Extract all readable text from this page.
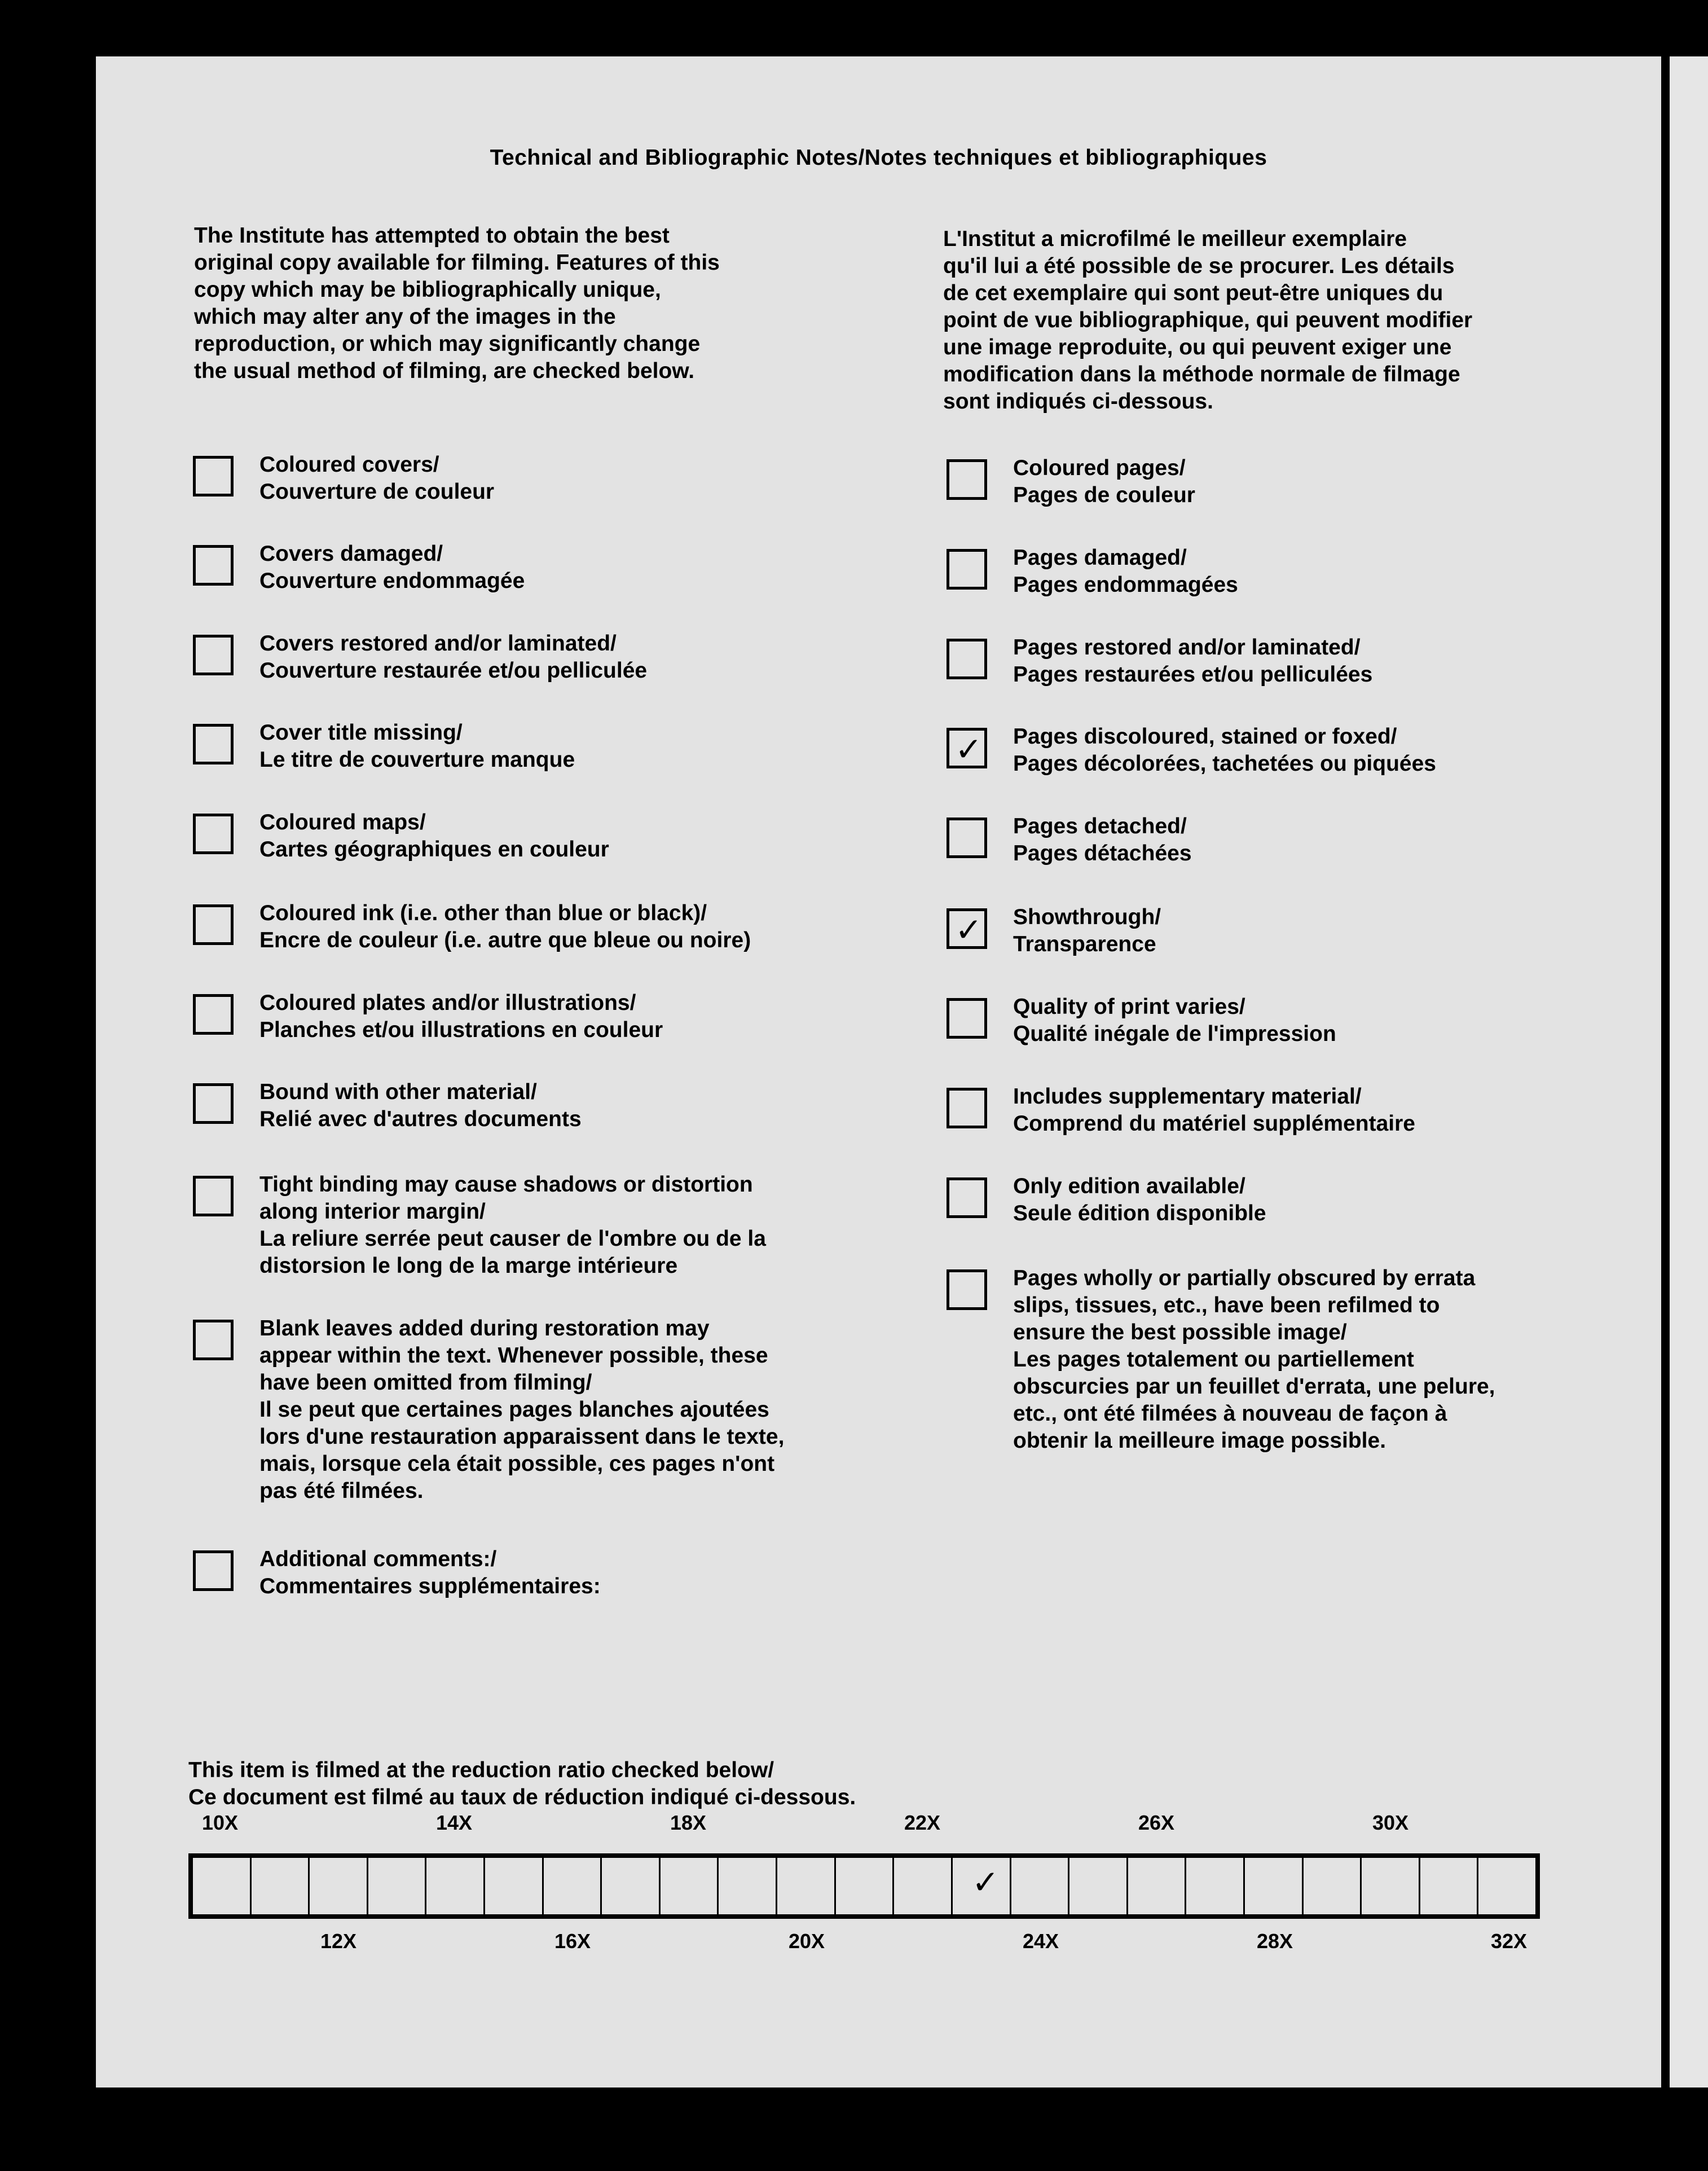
Technical and Bibliographic Notes/Notes techniques et bibliographiques
The Institute has attempted to obtain the best
original copy available for filming. Features of this
copy which may be bibliographically unique,
which may alter any of the images in the
reproduction, or which may significantly change
the usual method of filming, are checked below.
L'Institut a microfilmé le meilleur exemplaire
qu'il lui a été possible de se procurer. Les détails
de cet exemplaire qui sont peut-être uniques du
point de vue bibliographique, qui peuvent modifier
une image reproduite, ou qui peuvent exiger une
modification dans la méthode normale de filmage
sont indiqués ci-dessous.
Coloured covers/
Couverture de couleur
Covers damaged/
Couverture endommagée
Covers restored and/or laminated/
Couverture restaurée et/ou pelliculée
Cover title missing/
Le titre de couverture manque
Coloured maps/
Cartes géographiques en couleur
Coloured ink (i.e. other than blue or black)/
Encre de couleur (i.e. autre que bleue ou noire)
Coloured plates and/or illustrations/
Planches et/ou illustrations en couleur
Bound with other material/
Relié avec d'autres documents
Tight binding may cause shadows or distortion
along interior margin/
La reliure serrée peut causer de l'ombre ou de la
distorsion le long de la marge intérieure
Blank leaves added during restoration may
appear within the text. Whenever possible, these
have been omitted from filming/
Il se peut que certaines pages blanches ajoutées
lors d'une restauration apparaissent dans le texte,
mais, lorsque cela était possible, ces pages n'ont
pas été filmées.
Additional comments:/
Commentaires supplémentaires:
Coloured pages/
Pages de couleur
Pages damaged/
Pages endommagées
Pages restored and/or laminated/
Pages restaurées et/ou pelliculées
✓ Pages discoloured, stained or foxed/
Pages décolorées, tachetées ou piquées
Pages detached/
Pages détachées
✓ Showthrough/
Transparence
Quality of print varies/
Qualité inégale de l'impression
Includes supplementary material/
Comprend du matériel supplémentaire
Only edition available/
Seule édition disponible
Pages wholly or partially obscured by errata
slips, tissues, etc., have been refilmed to
ensure the best possible image/
Les pages totalement ou partiellement
obscurcies par un feuillet d'errata, une pelure,
etc., ont été filmées à nouveau de façon à
obtenir la meilleure image possible.
This item is filmed at the reduction ratio checked below/
Ce document est filmé au taux de réduction indiqué ci-dessous.
10X	14X	18X	22X	26X	30X
✓
12X	16X	20X	24X	28X	32X
